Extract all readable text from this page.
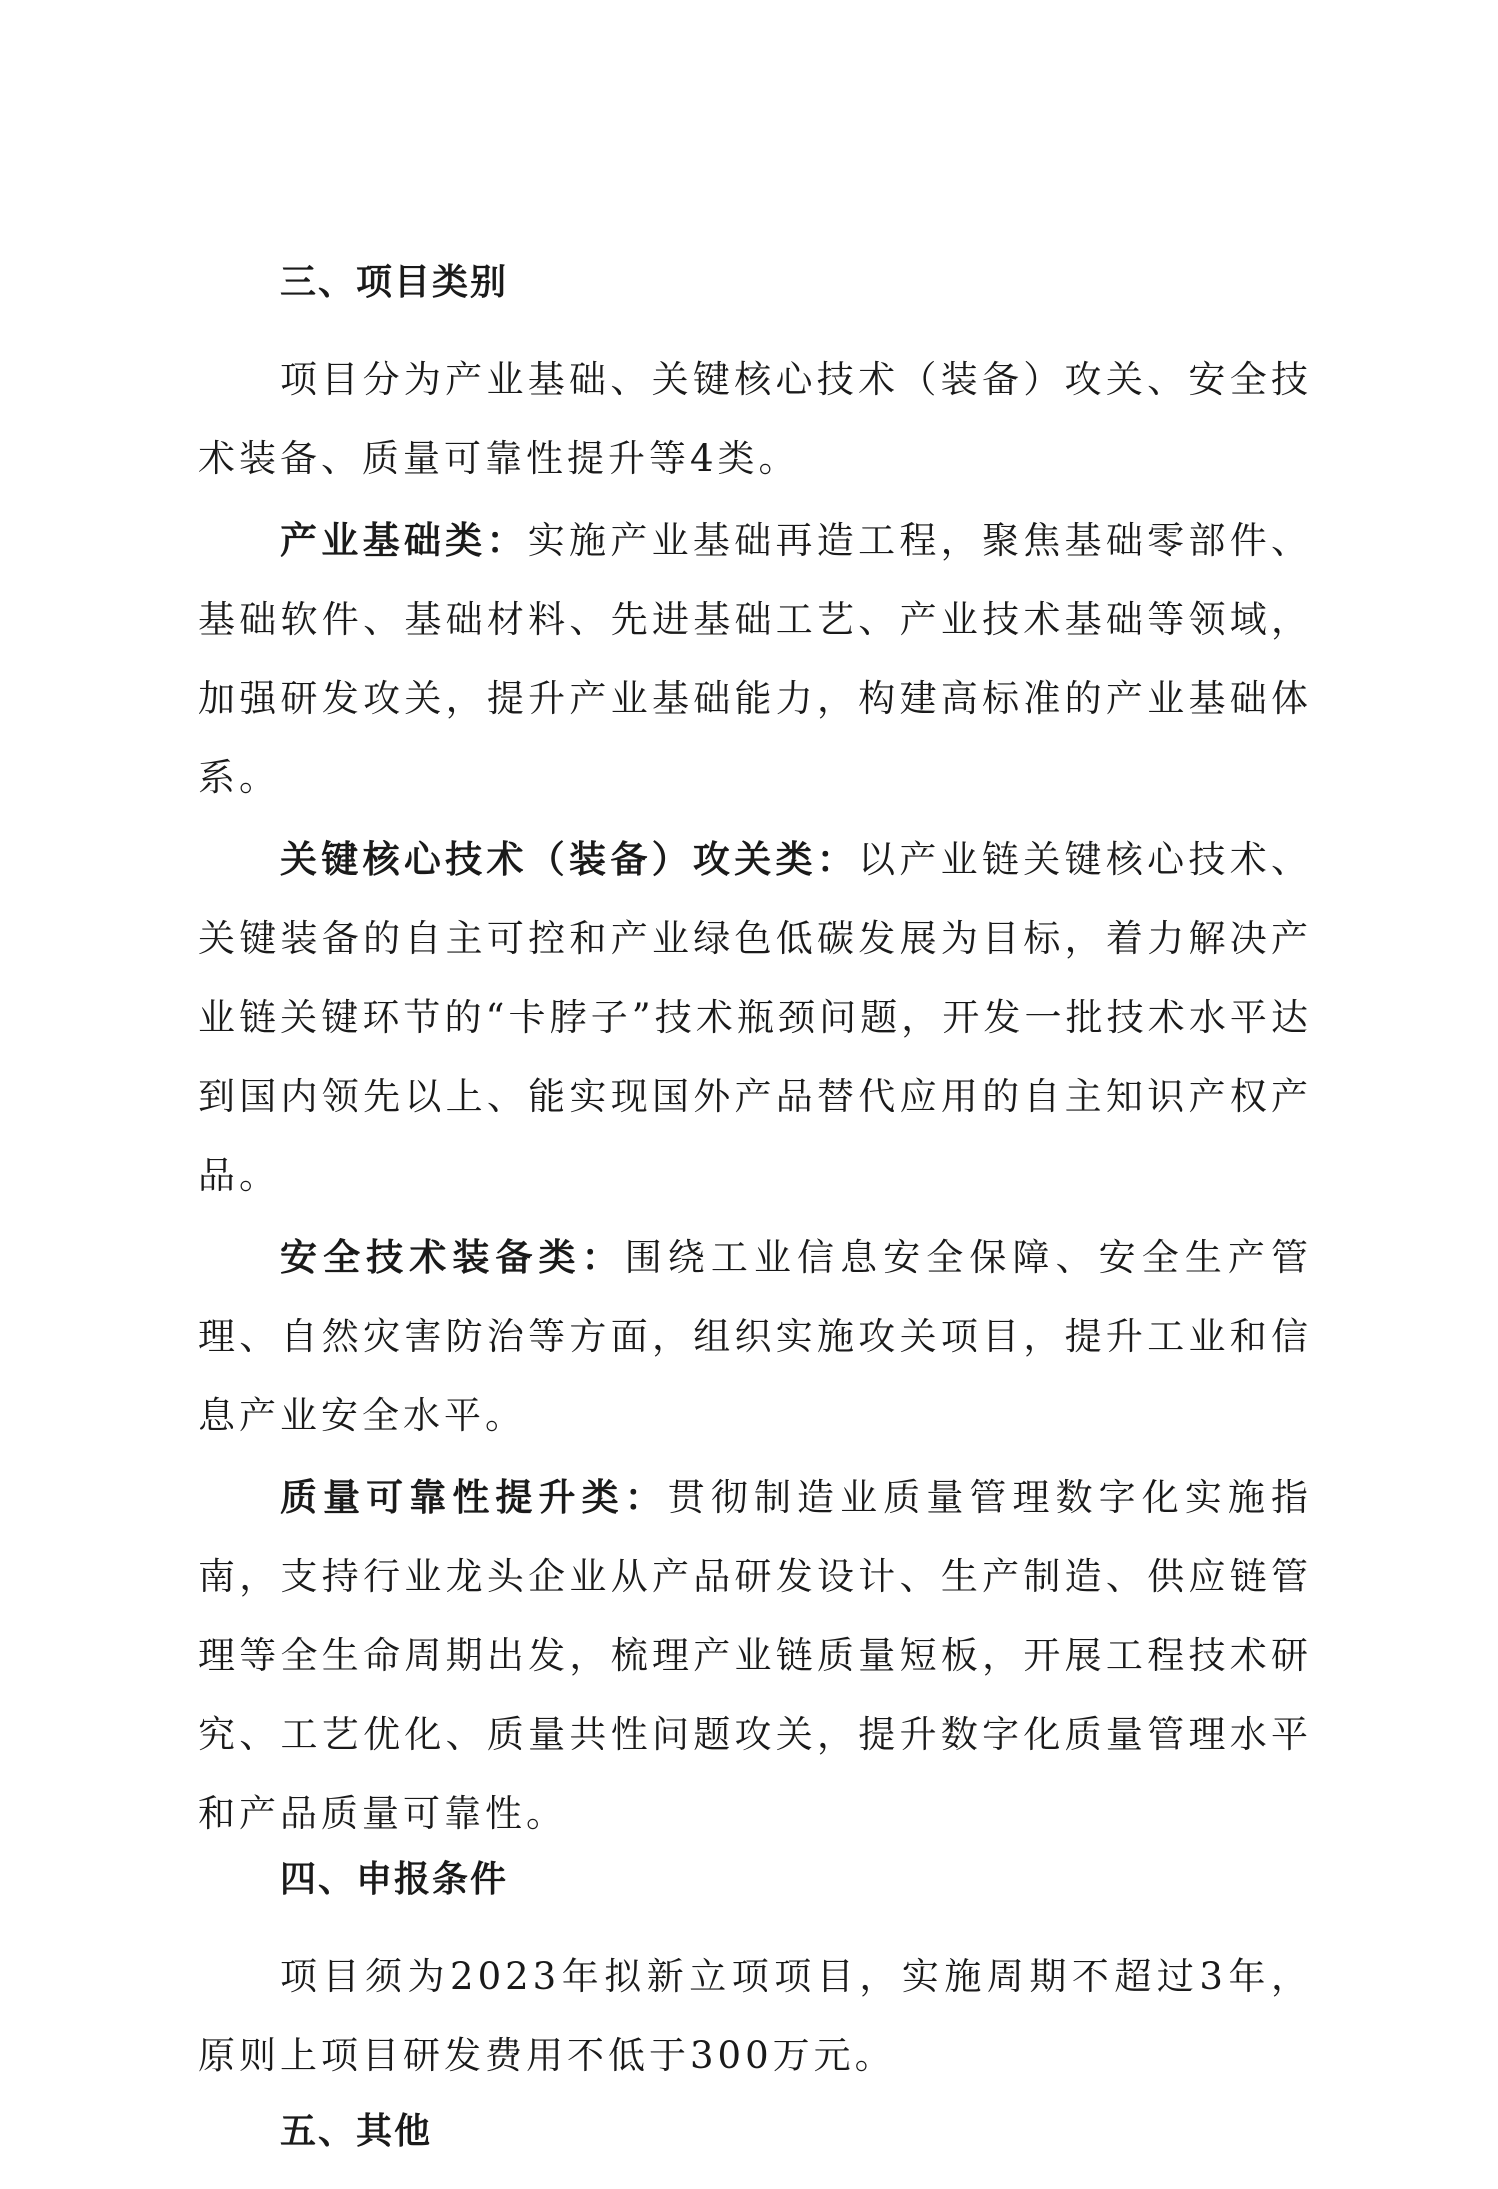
三、项目类别

项目分为产业基础、关键核心技术（装备）攻关、安全技术装备、质量可靠性提升等4类。

产业基础类：实施产业基础再造工程，聚焦基础零部件、基础软件、基础材料、先进基础工艺、产业技术基础等领域，加强研发攻关，提升产业基础能力，构建高标准的产业基础体系。

关键核心技术（装备）攻关类：以产业链关键核心技术、关键装备的自主可控和产业绿色低碳发展为目标，着力解决产业链关键环节的“卡脖子”技术瓶颈问题，开发一批技术水平达到国内领先以上、能实现国外产品替代应用的自主知识产权产品。

安全技术装备类：围绕工业信息安全保障、安全生产管理、自然灾害防治等方面，组织实施攻关项目，提升工业和信息产业安全水平。

质量可靠性提升类：贯彻制造业质量管理数字化实施指南，支持行业龙头企业从产品研发设计、生产制造、供应链管理等全生命周期出发，梳理产业链质量短板，开展工程技术研究、工艺优化、质量共性问题攻关，提升数字化质量管理水平和产品质量可靠性。

四、申报条件

项目须为2023年拟新立项项目，实施周期不超过3年，原则上项目研发费用不低于300万元。

五、其他
